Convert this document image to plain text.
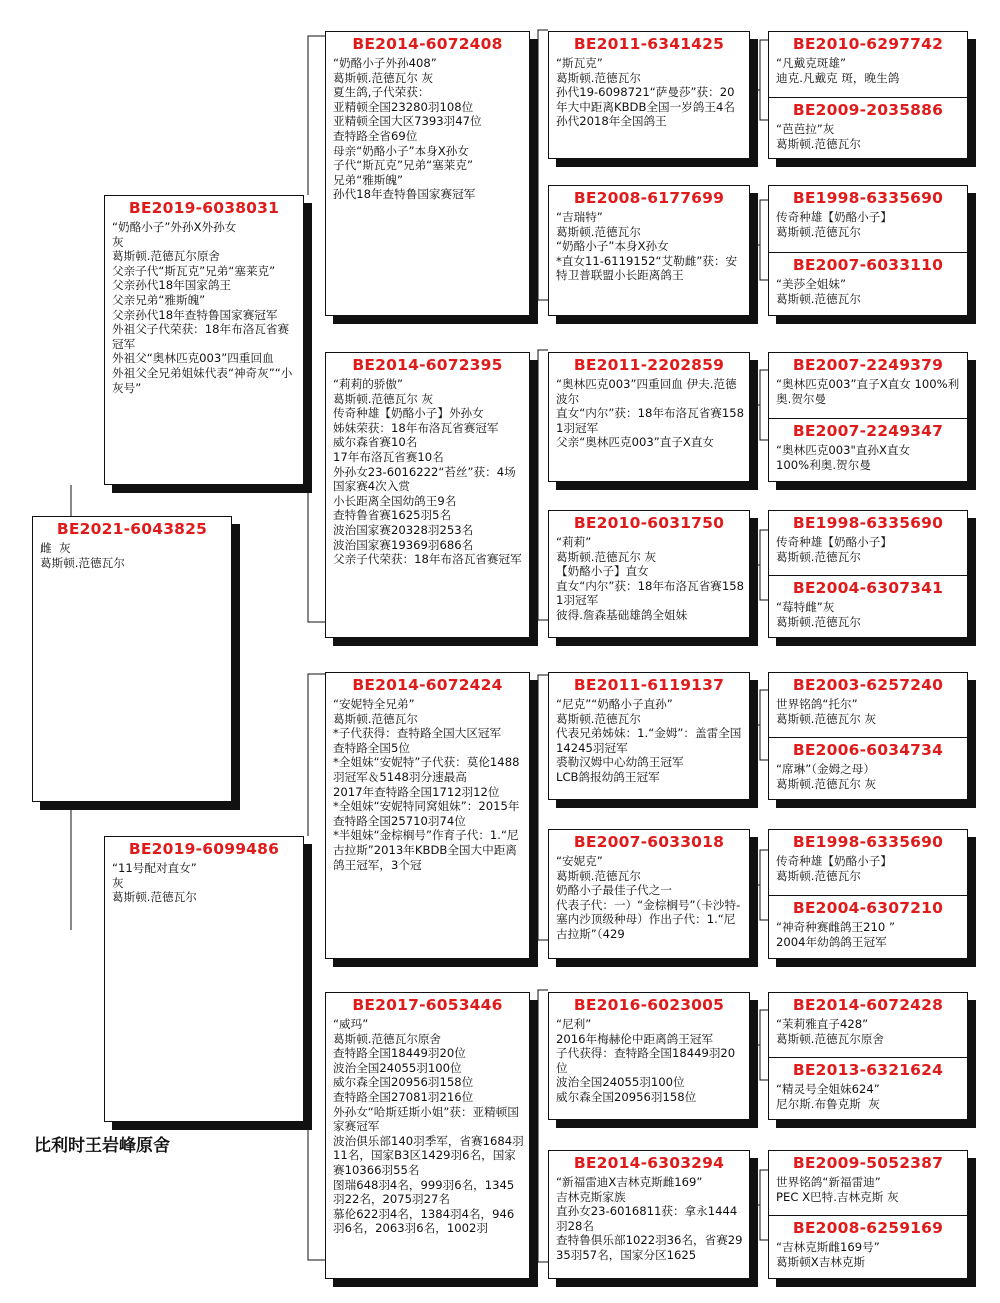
BE2021-6043825
雌  灰
葛斯顿.范德瓦尔
BE2019-6038031
“奶酪小子”外孙X外孙女
灰
葛斯顿.范德瓦尔原舍
父亲子代“斯瓦克”兄弟“塞莱克”
父亲孙代18年国家鸽王
父亲兄弟“雅斯魄”
父亲孙代18年查特鲁国家赛冠军
外祖父子代荣获：18年布洛瓦省赛冠军
外祖父“奥林匹克003”四重回血
外祖父全兄弟姐妹代表“神奇灰”“小灰号”
BE2019-6099486
“11号配对直女”
灰
葛斯顿.范德瓦尔
BE2014-6072408
“奶酪小子外孙408”
葛斯顿.范德瓦尔 灰
夏生鸽,子代荣获：
亚精顿全国23280羽108位
亚精顿全国大区7393羽47位
查特路全省69位
母亲“奶酪小子”本身X孙女
子代“斯瓦克”兄弟“塞莱克”
兄弟“雅斯魄”
孙代18年查特鲁国家赛冠军
BE2014-6072395
“莉莉的骄傲”
葛斯顿.范德瓦尔 灰
传奇种雄【奶酪小子】外孙女
姊妹荣获：18年布洛瓦省赛冠军
威尔森省赛10名
17年布洛瓦省赛10名
外孙女23-6016222“苔丝”获：4场国家赛4次入赏
小长距离全国幼鸽王9名
查特鲁省赛1625羽5名
波治国家赛20328羽253名
波治国家赛19369羽686名
父亲子代荣获：18年布洛瓦省赛冠军
BE2014-6072424
“安妮特全兄弟”
葛斯顿.范德瓦尔
*子代获得：查特路全国大区冠军
查特路全国5位
*全姐妹“安妮特”子代获：莫伦1488羽冠军＆5148羽分速最高
2017年查特路全国1712羽12位
*全姐妹“安妮特同窝姐妹”：2015年查特路全国25710羽74位
*半姐妹“金棕榈号”作育子代：1.“尼古拉斯”2013年KBDB全国大中距离鸽王冠军，3个冠
BE2017-6053446
“威玛”
葛斯顿.范德瓦尔原舍
查特路全国18449羽20位
波治全国24055羽100位
威尔森全国20956羽158位
查特路全国27081羽216位
外孙女“哈斯廷斯小姐”获：亚精顿国家赛冠军
波治俱乐部140羽季军，省赛1684羽11名，国家B3区1429羽6名，国家赛10366羽55名
图瑞648羽4名，999羽6名，1345羽22名，2075羽27名
慕伦622羽4名，1384羽4名，946羽6名，2063羽6名，1002羽
BE2011-6341425
“斯瓦克”
葛斯顿.范德瓦尔
孙代19-6098721“萨曼莎”获：20年大中距离KBDB全国一岁鸽王4名
孙代2018年全国鸽王
BE2008-6177699
“吉瑞特”
葛斯顿.范德瓦尔
“奶酪小子”本身X孙女
*直女11-6119152“艾勒雌”获：安特卫普联盟小长距离鸽王
BE2011-2202859
“奥林匹克003”四重回血 伊夫.范德波尔
直女“内尔”获：18年布洛瓦省赛1581羽冠军
父亲“奥林匹克003”直子X直女
BE2010-6031750
“莉莉”
葛斯顿.范德瓦尔 灰
【奶酪小子】直女
直女“内尔”获：18年布洛瓦省赛1581羽冠军
彼得.詹森基础雄鸽全姐妹
BE2011-6119137
“尼克”“奶酪小子直孙”
葛斯顿.范德瓦尔
代表兄弟姊妹：1.“金姆”：盖雷全国14245羽冠军
裘勒汉姆中心幼鸽王冠军
LCB鸽报幼鸽王冠军
BE2007-6033018
“安妮克”
葛斯顿.范德瓦尔
奶酪小子最佳子代之一
代表子代：一）“金棕榈号”（卡沙特-塞内沙顶级种母）作出子代：1.“尼古拉斯”（429
BE2016-6023005
“尼利”
2016年梅赫伦中距离鸽王冠军
子代获得：查特路全国18449羽20位
波治全国24055羽100位
威尔森全国20956羽158位
BE2014-6303294
“新福雷迪X吉林克斯雌169”
吉林克斯家族
直孙女23-6016811获：拿永1444羽28名
查特鲁俱乐部1022羽36名，省赛2935羽57名，国家分区1625
BE2010-6297742
“凡戴克斑雄”
迪克.凡戴克 斑，晚生鸽
BE2009-2035886
“芭芭拉”灰
葛斯顿.范德瓦尔
BE1998-6335690
传奇种雄【奶酪小子】
葛斯顿.范德瓦尔
BE2007-6033110
“美莎全姐妹”
葛斯顿.范德瓦尔
BE2007-2249379
“奥林匹克003”直子X直女 100%利奥.贺尔曼
BE2007-2249347
“奥林匹克003"直孙X直女
100%利奥.贺尔曼
BE1998-6335690
传奇种雄【奶酪小子】
葛斯顿.范德瓦尔
BE2004-6307341
“莓特雌”灰
葛斯顿.范德瓦尔
BE2003-6257240
世界铭鸽“托尔”
葛斯顿.范德瓦尔 灰
BE2006-6034734
“席琳”（金姆之母）
葛斯顿.范德瓦尔 灰
BE1998-6335690
传奇种雄【奶酪小子】
葛斯顿.范德瓦尔
BE2004-6307210
“神奇种赛雌鸽王210 ”
2004年幼鸽鸽王冠军
BE2014-6072428
“茉莉雅直子428”
葛斯顿.范德瓦尔原舍
BE2013-6321624
“精灵号全姐妹624”
尼尔斯.布鲁克斯  灰
BE2009-5052387
世界铭鸽“新福雷迪”
PEC X巴特.吉林克斯 灰
BE2008-6259169
“吉林克斯雌169号”
葛斯顿X吉林克斯
比利时王岩峰原舍
